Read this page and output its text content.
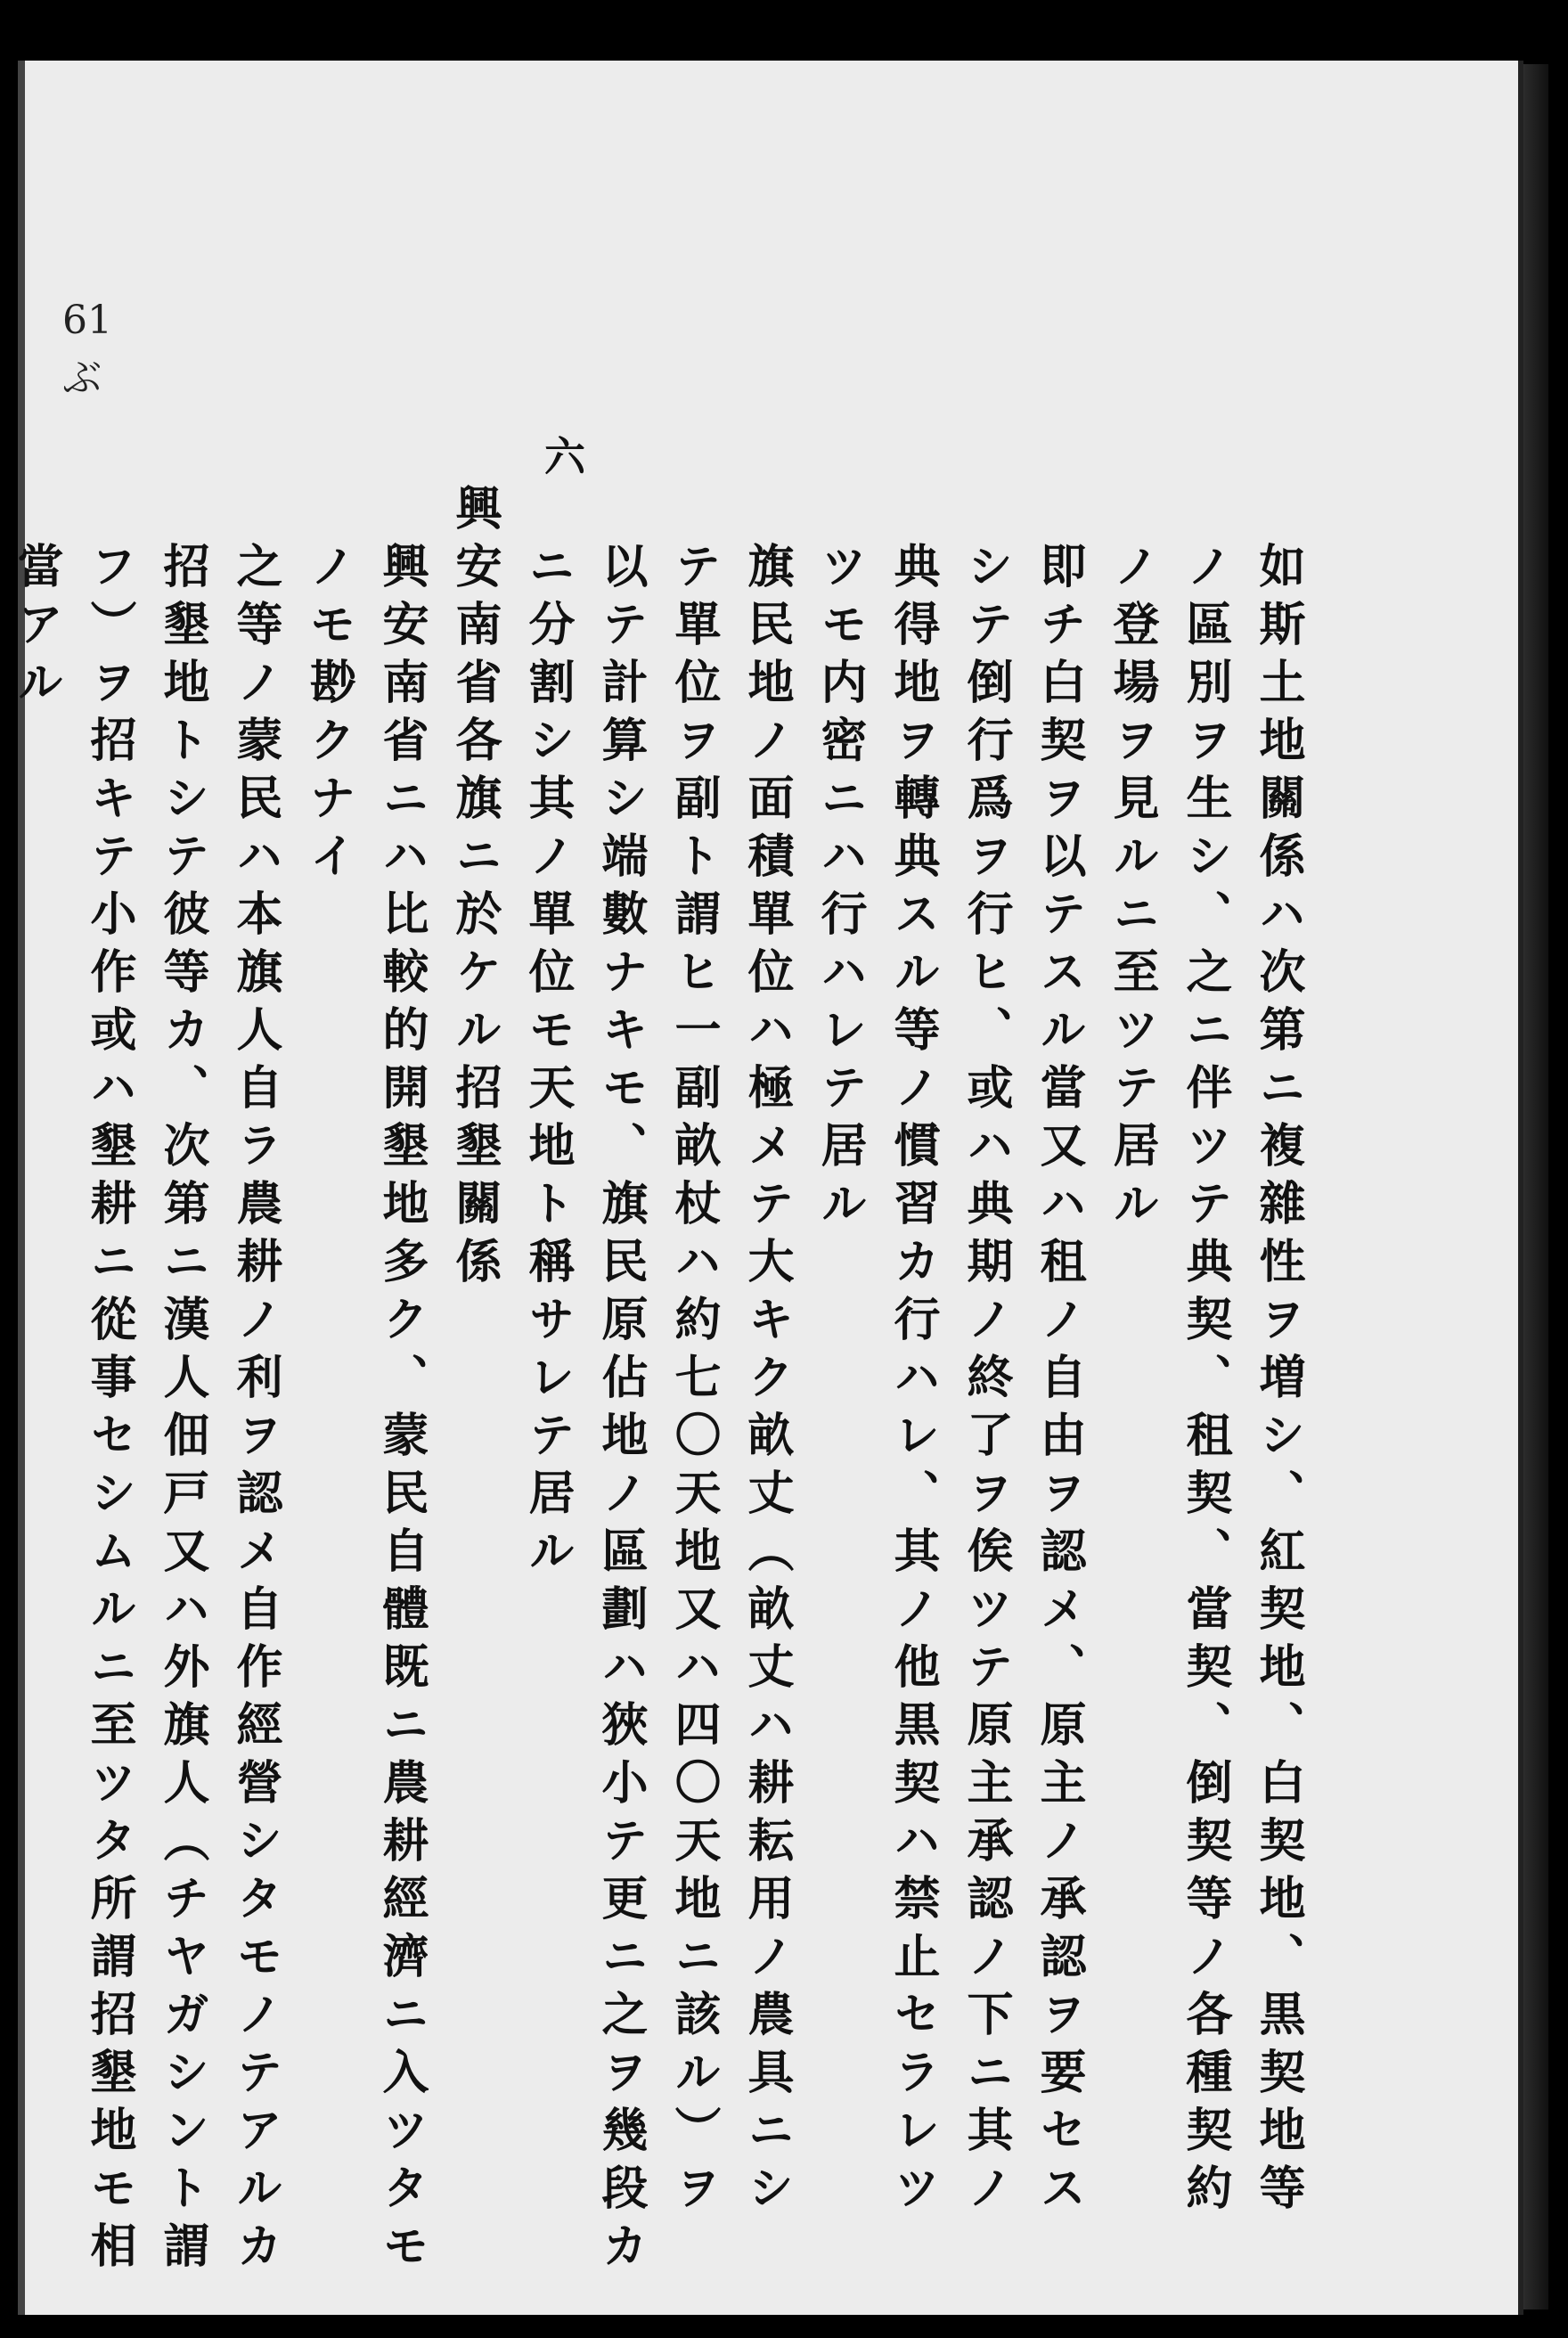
61
ぶ
六
如斯土地關係ハ次第ニ複雜性ヲ増シ、紅契地、白契地、黒契地等
ノ區別ヲ生シ、之ニ伴ツテ典契、租契、當契、倒契等ノ各種契約
ノ登場ヲ見ルニ至ツテ居ル
即チ白契ヲ以テスル當又ハ租ノ自由ヲ認メ、原主ノ承認ヲ要セス
シテ倒行爲ヲ行ヒ、或ハ典期ノ終了ヲ俟ツテ原主承認ノ下ニ其ノ
典得地ヲ轉典スル等ノ慣習カ行ハレ、其ノ他黒契ハ禁止セラレツ
ツモ内密ニハ行ハレテ居ル
旗民地ノ面積單位ハ極メテ大キク畝丈（畝丈ハ耕耘用ノ農具ニシ
テ單位ヲ副ト謂ヒ一副畝杖ハ約七〇天地又ハ四〇天地ニ該ル）ヲ
以テ計算シ端數ナキモ、旗民原佔地ノ區劃ハ狹小テ更ニ之ヲ幾段カ
ニ分割シ其ノ單位モ天地ト稱サレテ居ル
興安南省各旗ニ於ケル招墾關係
興安南省ニハ比較的開墾地多ク、蒙民自體既ニ農耕經濟ニ入ツタモ
ノモ尠クナイ
之等ノ蒙民ハ本旗人自ラ農耕ノ利ヲ認メ自作經營シタモノテアルカ
招墾地トシテ彼等カ、次第ニ漢人佃戸又ハ外旗人（チヤガシント謂
フ）ヲ招キテ小作或ハ墾耕ニ從事セシムルニ至ツタ所謂招墾地モ相
當アル
